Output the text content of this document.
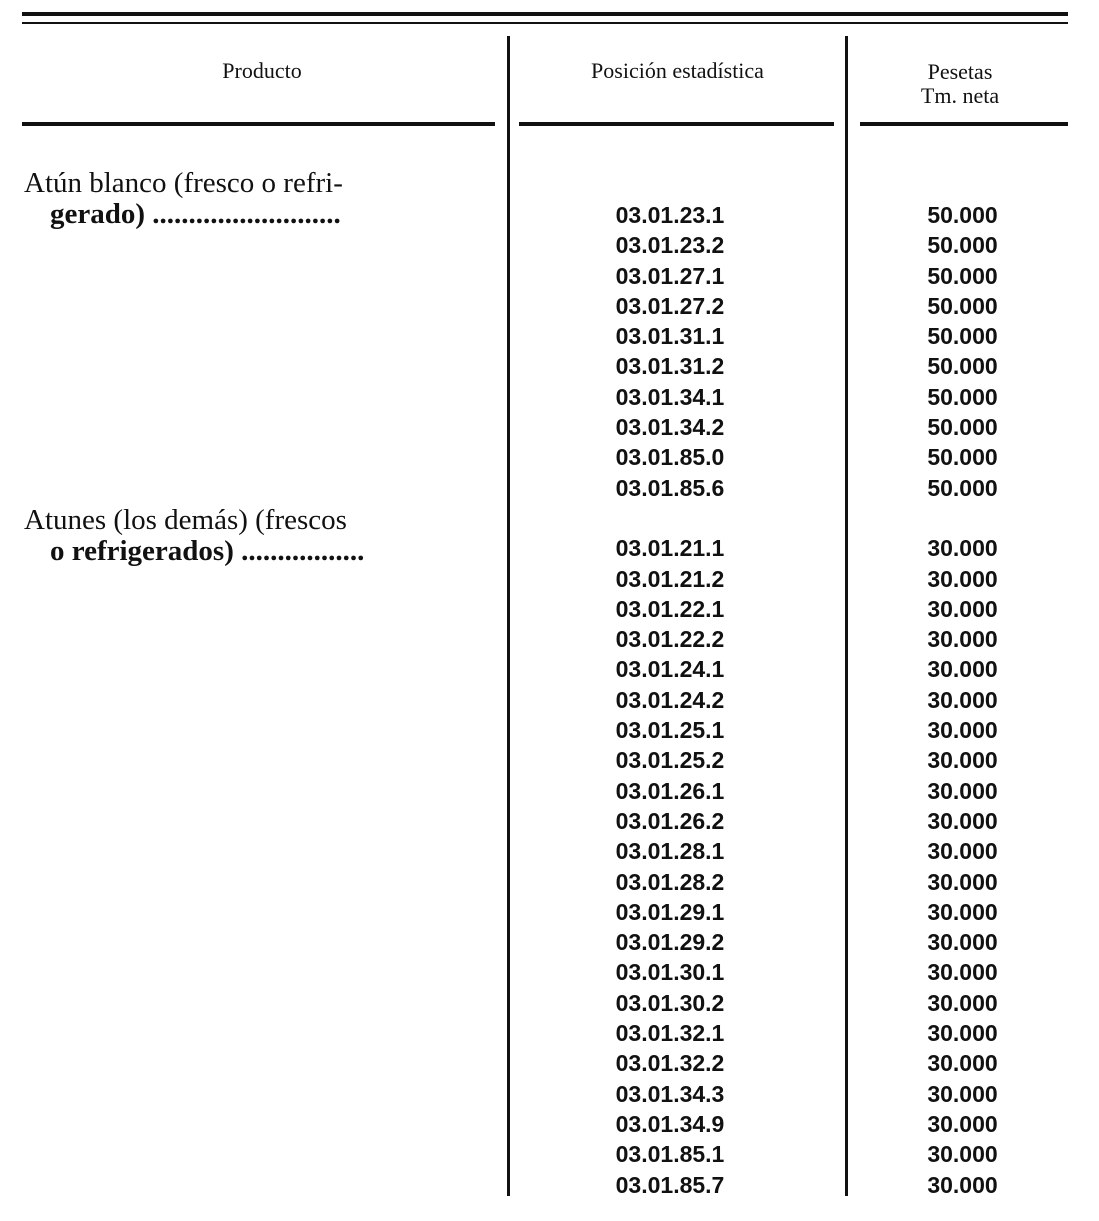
Producto	Posición estadística	Pesetas
Tm. neta
Atún blanco (fresco o refri-
gerado) ..........................
Atunes (los demás) (frescos
o refrigerados) .................
03.01.23.1
03.01.23.2
03.01.27.1
03.01.27.2
03.01.31.1
03.01.31.2
03.01.34.1
03.01.34.2
03.01.85.0
03.01.85.6
03.01.21.1
03.01.21.2
03.01.22.1
03.01.22.2
03.01.24.1
03.01.24.2
03.01.25.1
03.01.25.2
03.01.26.1
03.01.26.2
03.01.28.1
03.01.28.2
03.01.29.1
03.01.29.2
03.01.30.1
03.01.30.2
03.01.32.1
03.01.32.2
03.01.34.3
03.01.34.9
03.01.85.1
03.01.85.7
50.000
50.000
50.000
50.000
50.000
50.000
50.000
50.000
50.000
50.000
30.000
30.000
30.000
30.000
30.000
30.000
30.000
30.000
30.000
30.000
30.000
30.000
30.000
30.000
30.000
30.000
30.000
30.000
30.000
30.000
30.000
30.000
